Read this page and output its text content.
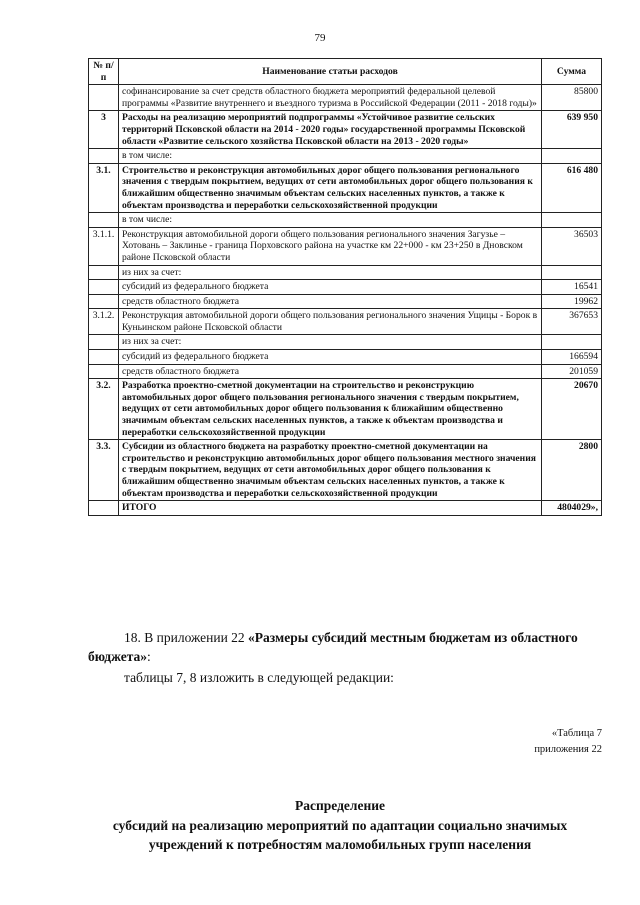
79
№ п/п	Наименование статьи расходов	Сумма
	софинансирование за счет средств областного бюджета мероприятий федеральной целевой программы «Развитие внутреннего и въездного туризма в Российской Федерации (2011 - 2018 годы)»	85800
3	Расходы на реализацию мероприятий подпрограммы «Устойчивое развитие сельских территорий Псковской области на 2014 - 2020 годы» государственной программы Псковской области «Развитие сельского хозяйства Псковской области на 2013 - 2020 годы»	639 950
	в том числе:	
3.1.	Строительство и реконструкция автомобильных дорог общего пользования регионального значения с твердым покрытием, ведущих от сети автомобильных дорог общего пользования к ближайшим общественно значимым объектам сельских населенных пунктов, а также к объектам производства и переработки сельскохозяйственной продукции	616 480
	в том числе:	
3.1.1.	Реконструкция автомобильной дороги общего пользования регионального значения Загузье – Хотовань – Заклинье - граница Порховского района на участке км 22+000 - км 23+250 в Дновском районе Псковской области	36503
	из них за счет:	
	субсидий из федерального бюджета	16541
	средств областного бюджета	19962
3.1.2.	Реконструкция автомобильной дороги общего пользования регионального значения Ущицы - Борок в Куньинском районе Псковской области	367653
	из них за счет:	
	субсидий из федерального бюджета	166594
	средств областного бюджета	201059
3.2.	Разработка проектно-сметной документации на строительство и реконструкцию автомобильных дорог общего пользования регионального значения с твердым покрытием, ведущих от сети автомобильных дорог общего пользования к ближайшим общественно значимым объектам сельских населенных пунктов, а также к объектам производства и переработки сельскохозяйственной продукции	20670
3.3.	Субсидии из областного бюджета на разработку проектно-сметной документации на строительство и реконструкцию автомобильных дорог общего пользования местного значения с твердым покрытием, ведущих от сети автомобильных дорог общего пользования к ближайшим общественно значимым объектам сельских населенных пунктов, а также к объектам производства и переработки сельскохозяйственной продукции	2800
	ИТОГО	4804029»,
18. В приложении 22 «Размеры субсидий местным бюджетам из областного бюджета»:
таблицы 7, 8 изложить в следующей редакции:
«Таблица 7
приложения 22
Распределение
субсидий на реализацию мероприятий по адаптации социально значимых
учреждений к потребностям маломобильных групп населения
